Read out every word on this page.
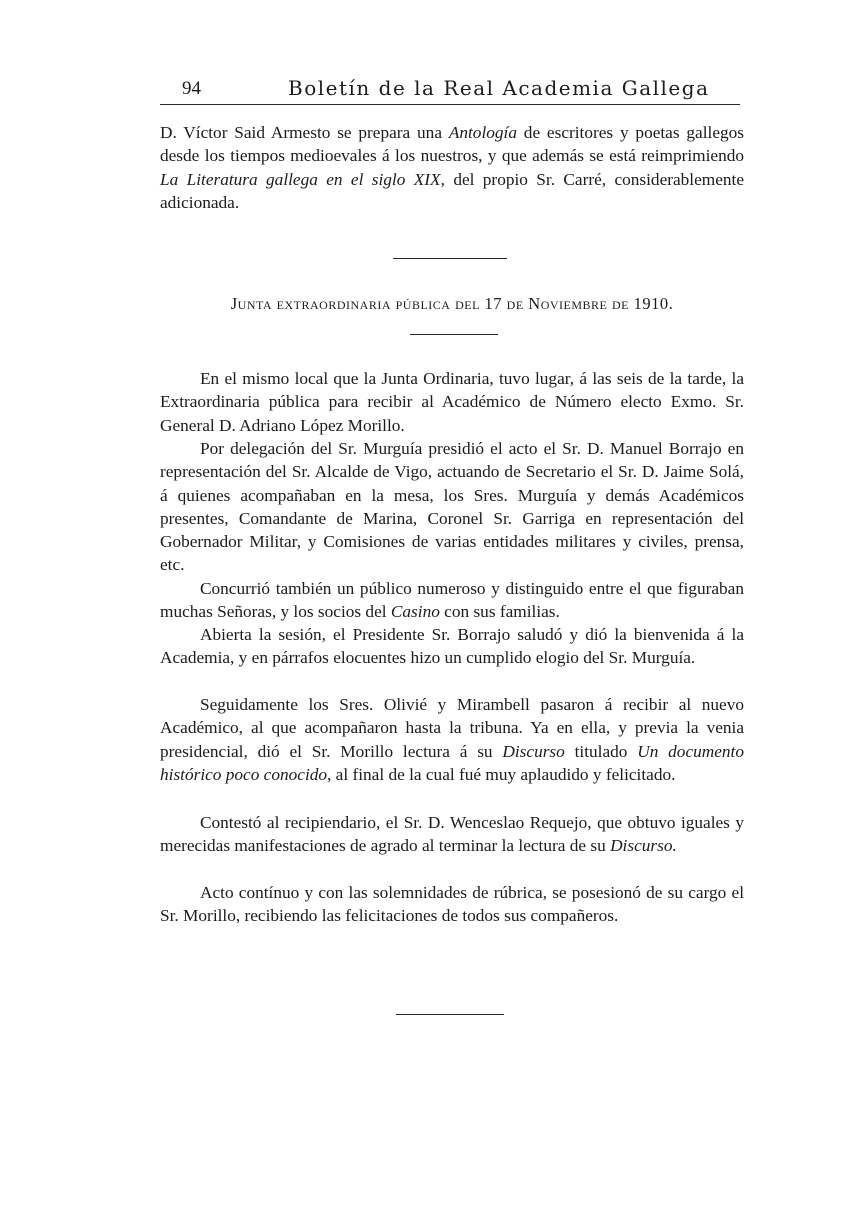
94	Boletín de la Real Academia Gallega

D. Víctor Said Armesto se prepara una Antología de escritores y poetas gallegos desde los tiempos medioevales á los nuestros, y que además se está reimprimiendo La Literatura gallega en el siglo XIX, del propio Sr. Carré, considerablemente adicionada.

Junta extraordinaria pública del 17 de Noviembre de 1910.

En el mismo local que la Junta Ordinaria, tuvo lugar, á las seis de la tarde, la Extraordinaria pública para recibir al Académico de Número electo Exmo. Sr. General D. Adriano López Morillo.

Por delegación del Sr. Murguía presidió el acto el Sr. D. Manuel Borrajo en representación del Sr. Alcalde de Vigo, actuando de Secretario el Sr. D. Jaime Solá, á quienes acompañaban en la mesa, los Sres. Murguía y demás Académicos presentes, Comandante de Marina, Coronel Sr. Garriga en representación del Gobernador Militar, y Comisiones de varias entidades militares y civiles, prensa, etc.

Concurrió también un público numeroso y distinguido entre el que figuraban muchas Señoras, y los socios del Casino con sus familias.

Abierta la sesión, el Presidente Sr. Borrajo saludó y dió la bienvenida á la Academia, y en párrafos elocuentes hizo un cumplido elogio del Sr. Murguía.

Seguidamente los Sres. Olivié y Mirambell pasaron á recibir al nuevo Académico, al que acompañaron hasta la tribuna. Ya en ella, y previa la venia presidencial, dió el Sr. Morillo lectura á su Discurso titulado Un documento histórico poco conocido, al final de la cual fué muy aplaudido y felicitado.

Contestó al recipiendario, el Sr. D. Wenceslao Requejo, que obtuvo iguales y merecidas manifestaciones de agrado al terminar la lectura de su Discurso.

Acto contínuo y con las solemnidades de rúbrica, se posesionó de su cargo el Sr. Morillo, recibiendo las felicitaciones de todos sus compañeros.
